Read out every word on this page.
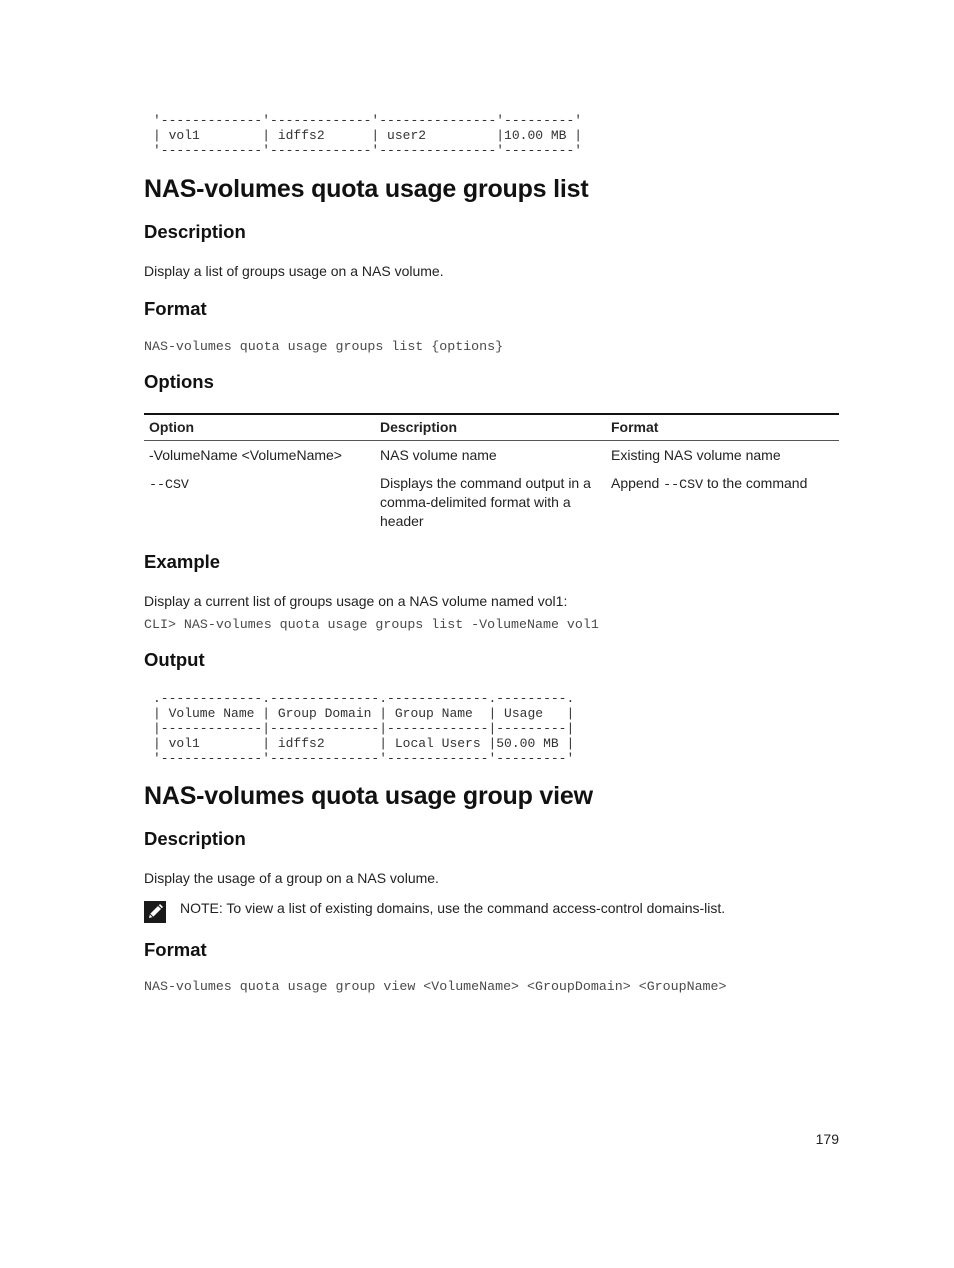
'-------------'-------------'---------------'---------'
| vol1        | idffs2      | user2         |10.00 MB |
'-------------'-------------'---------------'---------'
NAS-volumes quota usage groups list
Description
Display a list of groups usage on a NAS volume.
Format
NAS-volumes quota usage groups list {options}
Options
Option	Description	Format
-VolumeName <VolumeName>	NAS volume name	Existing NAS volume name
--CSV	Displays the command output in a comma-delimited format with a header	Append --CSV to the command
Example
Display a current list of groups usage on a NAS volume named vol1:
CLI> NAS-volumes quota usage groups list -VolumeName vol1
Output
.-------------.--------------.-------------.---------.
| Volume Name | Group Domain | Group Name  | Usage   |
|-------------|--------------|-------------|---------|
| vol1        | idffs2       | Local Users |50.00 MB |
'-------------'--------------'-------------'---------'
NAS-volumes quota usage group view
Description
Display the usage of a group on a NAS volume.
NOTE: To view a list of existing domains, use the command access-control domains-list.
Format
NAS-volumes quota usage group view <VolumeName> <GroupDomain> <GroupName>
179
